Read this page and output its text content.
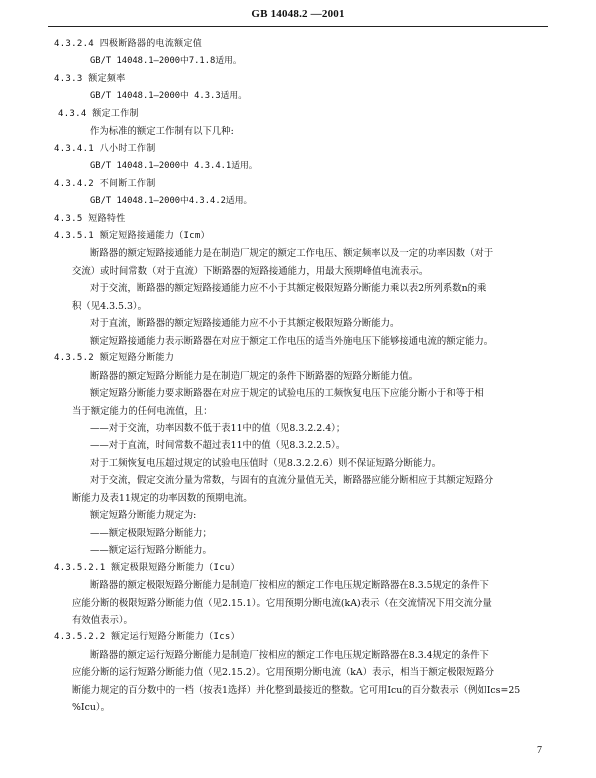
GB 14048.2 —2001
4.3.2.4 四极断路器的电流额定值
GB/T 14048.1—2000中7.1.8适用。
4.3.3 额定频率
GB/T 14048.1—2000中 4.3.3适用。
4.3.4 额定工作制
作为标准的额定工作制有以下几种:
4.3.4.1 八小时工作制
GB/T 14048.1—2000中 4.3.4.1适用。
4.3.4.2 不间断工作制
GB/T 14048.1—2000中4.3.4.2适用。
4.3.5 短路特性
4.3.5.1 额定短路接通能力（Icm）
断路器的额定短路接通能力是在制造厂规定的额定工作电压、额定频率以及一定的功率因数（对于
交流）或时间常数（对于直流）下断路器的短路接通能力，用最大预期峰值电流表示。
对于交流，断路器的额定短路接通能力应不小于其额定极限短路分断能力乘以表2所列系数n的乘
积（见4.3.5.3）。
对于直流，断路器的额定短路接通能力应不小于其额定极限短路分断能力。
额定短路接通能力表示断路器在对应于额定工作电压的适当外施电压下能够接通电流的额定能力。
4.3.5.2 额定短路分断能力
断路器的额定短路分断能力是在制造厂规定的条件下断路器的短路分断能力值。
额定短路分断能力要求断路器在对应于规定的试验电压的工频恢复电压下应能分断小于和等于相
当于额定能力的任何电流值，且：
——对于交流，功率因数不低于表11中的值（见8.3.2.2.4）；
——对于直流，时间常数不超过表11中的值（见8.3.2.2.5）。
对于工频恢复电压超过规定的试验电压值时（见8.3.2.2.6）则不保证短路分断能力。
对于交流，假定交流分量为常数，与固有的直流分量值无关，断路器应能分断相应于其额定短路分
断能力及表11规定的功率因数的预期电流。
额定短路分断能力规定为:
——额定极限短路分断能力；
——额定运行短路分断能力。
4.3.5.2.1 额定极限短路分断能力（Icu）
断路器的额定极限短路分断能力是制造厂按相应的额定工作电压规定断路器在8.3.5规定的条件下
应能分断的极限短路分断能力值（见2.15.1）。它用预期分断电流(kA)表示（在交流情况下用交流分量
有效值表示）。
4.3.5.2.2 额定运行短路分断能力（Ics）
断路器的额定运行短路分断能力是制造厂按相应的额定工作电压规定断路器在8.3.4规定的条件下
应能分断的运行短路分断能力值（见2.15.2）。它用预期分断电流（kA）表示，相当于额定极限短路分
断能力规定的百分数中的一档（按表1选择）并化整到最接近的整数。它可用Icu的百分数表示（例如Ics=25
%Icu）。
7
